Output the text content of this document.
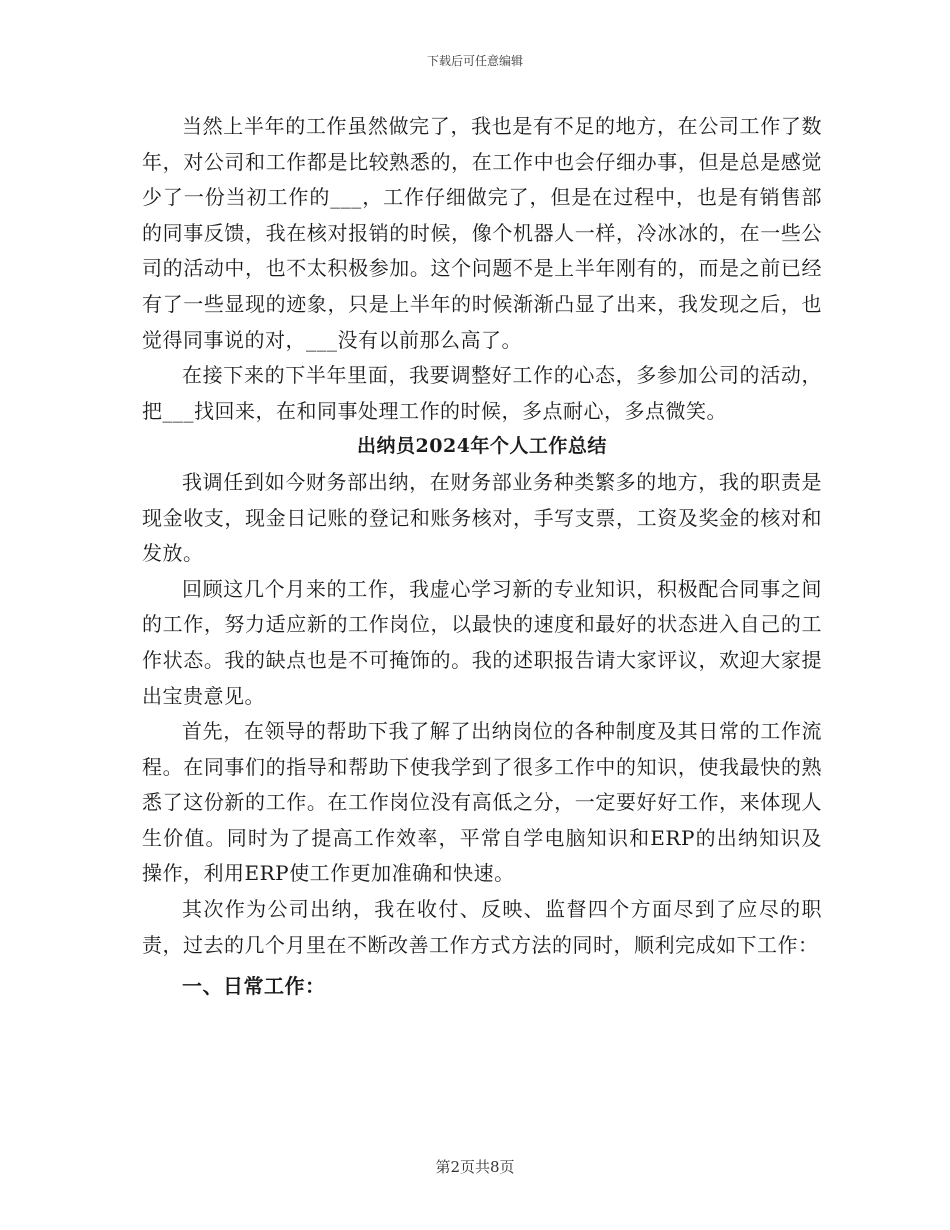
下载后可任意编辑

当然上半年的工作虽然做完了，我也是有不足的地方，在公司工作了数年，对公司和工作都是比较熟悉的，在工作中也会仔细办事，但是总是感觉少了一份当初工作的___，工作仔细做完了，但是在过程中，也是有销售部的同事反馈，我在核对报销的时候，像个机器人一样，冷冰冰的，在一些公司的活动中，也不太积极参加。这个问题不是上半年刚有的，而是之前已经有了一些显现的迹象，只是上半年的时候渐渐凸显了出来，我发现之后，也觉得同事说的对，___没有以前那么高了。

在接下来的下半年里面，我要调整好工作的心态，多参加公司的活动，把___找回来，在和同事处理工作的时候，多点耐心，多点微笑。

出纳员2024年个人工作总结

我调任到如今财务部出纳，在财务部业务种类繁多的地方，我的职责是现金收支，现金日记账的登记和账务核对，手写支票，工资及奖金的核对和发放。

回顾这几个月来的工作，我虚心学习新的专业知识，积极配合同事之间的工作，努力适应新的工作岗位，以最快的速度和最好的状态进入自己的工作状态。我的缺点也是不可掩饰的。我的述职报告请大家评议，欢迎大家提出宝贵意见。

首先，在领导的帮助下我了解了出纳岗位的各种制度及其日常的工作流程。在同事们的指导和帮助下使我学到了很多工作中的知识，使我最快的熟悉了这份新的工作。在工作岗位没有高低之分，一定要好好工作，来体现人生价值。同时为了提高工作效率，平常自学电脑知识和ERP的出纳知识及操作，利用ERP使工作更加准确和快速。

其次作为公司出纳，我在收付、反映、监督四个方面尽到了应尽的职责，过去的几个月里在不断改善工作方式方法的同时，顺利完成如下工作：

一、日常工作：

第2页共8页
